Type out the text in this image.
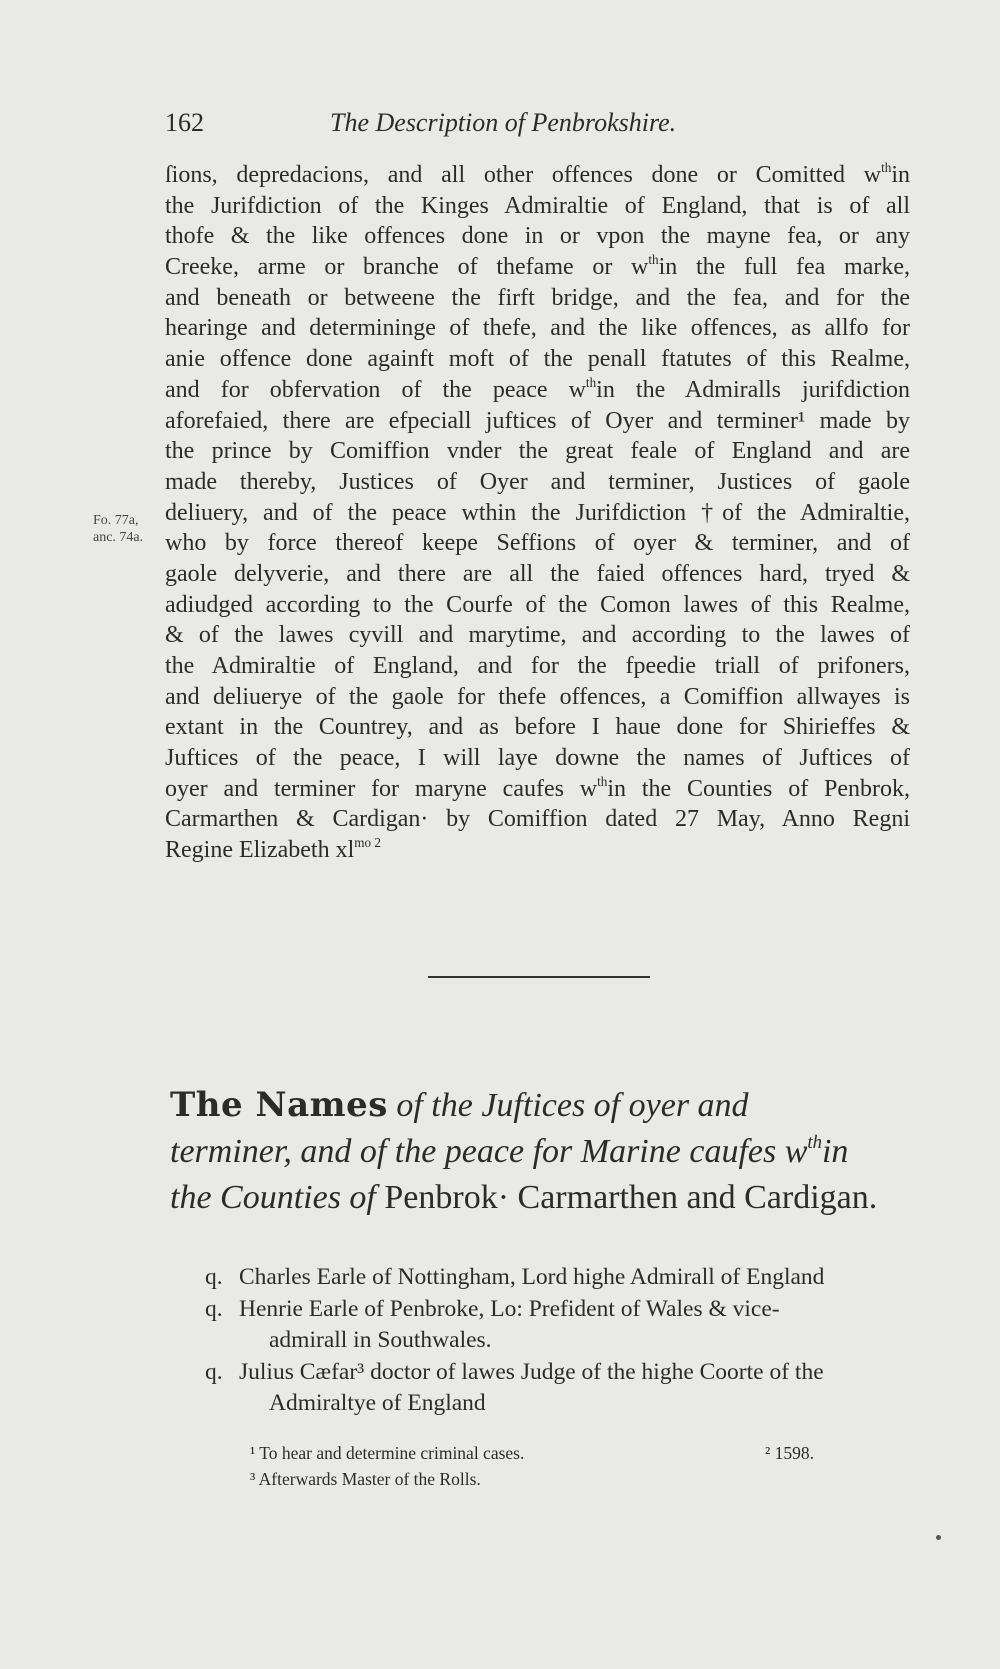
162	The Description of Penbrokshire.
Fo. 77a,
anc. 74a.
ſions, depredacions, and all other offences done or Comitted $w^{th}in$
the Jurifdiction of the Kinges Admiraltie of England, that is of all
thofe & the like offences done in or vpon the mayne fea, or any
Creeke, arme or branche of thefame or $w^{th}in$ the full fea marke,
and beneath or betweene the firft bridge, and the fea, and for the
hearinge and determininge of thefe, and the like offences, as allfo for
anie offence done againft moft of the penall ftatutes of this Realme,
and for obfervation of the peace $w^{th}in$ the Admiralls jurifdiction
aforefaied, there are efpeciall juftices of Oyer and terminer¹ made by
the prince by Comiffion vnder the great feale of England and are
made thereby, Justices of Oyer and terminer, Justices of gaole
deliuery, and of the peace wthin the Jurifdiction †of the Admiraltie,
who by force thereof keepe Seffions of oyer & terminer, and of
gaole delyverie, and there are all the faied offences hard, tryed &
adiudged according to the Courfe of the Comon lawes of this Realme,
& of the lawes cyvill and marytime, and according to the lawes of
the Admiraltie of England, and for the fpeedie triall of prifoners,
and deliuerye of the gaole for thefe offences, a Comiffion allwayes is
extant in the Countrey, and as before I haue done for Shirieffes &
Juftices of the peace, I will laye downe the names of Juftices of
oyer and terminer for maryne caufes $w^{th}in$ the Counties of Penbrok,
Carmarthen & Cardigan· by Comiffion dated 27 May, Anno Regni
Regine Elizabeth $xl^{mo 2}$
The Names of the Juftices of oyer and
terminer, and of the peace for Marine caufes $w^{th}in$
the Counties of Penbrok· Carmarthen and Cardigan.
q. Charles Earle of Nottingham, Lord highe Admirall of England
q. Henrie Earle of Penbroke, Lo: Prefident of Wales & vice-
admirall in Southwales.
q. Julius Cæfar³ doctor of lawes Judge of the highe Coorte of the
Admiraltye of England
¹ To hear and determine criminal cases.	² 1598.
³ Afterwards Master of the Rolls.
